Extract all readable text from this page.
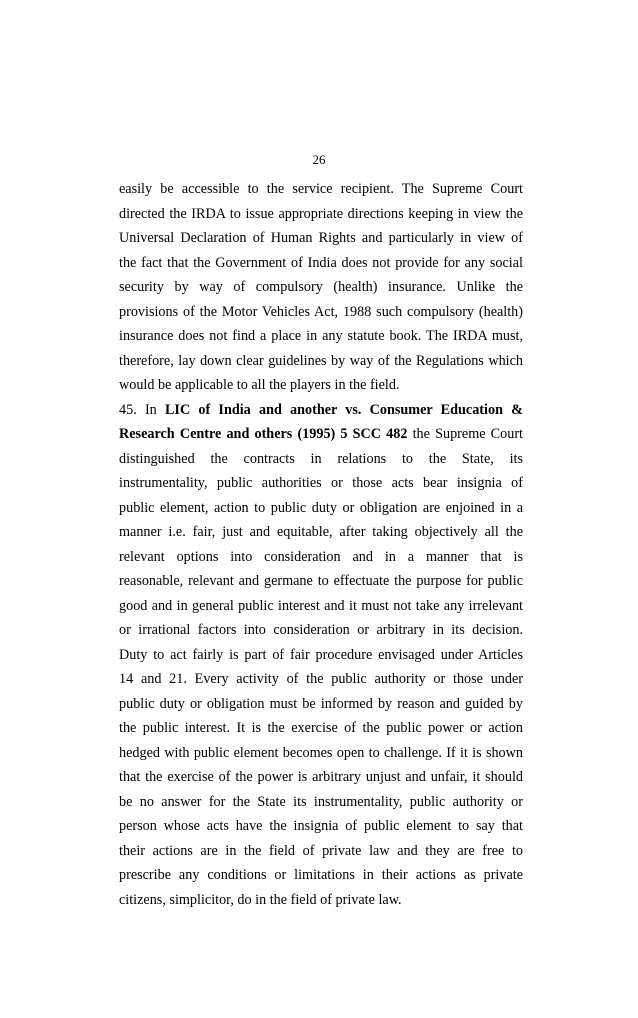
26
easily be accessible to the service recipient. The Supreme Court
directed the IRDA to issue appropriate directions keeping in view the
Universal Declaration of Human Rights and particularly in view of
the fact that the Government of India does not provide for any social
security by way of compulsory (health) insurance. Unlike the
provisions of the Motor Vehicles Act, 1988 such compulsory (health)
insurance does not find a place in any statute book. The IRDA must,
therefore, lay down clear guidelines by way of the Regulations which
would be applicable to all the players in the field.
45. In LIC of India and another vs. Consumer Education &
Research Centre and others (1995) 5 SCC 482 the Supreme Court
distinguished the contracts in relations to the State, its
instrumentality, public authorities or those acts bear insignia of
public element, action to public duty or obligation are enjoined in a
manner i.e. fair, just and equitable, after taking objectively all the
relevant options into consideration and in a manner that is
reasonable, relevant and germane to effectuate the purpose for public
good and in general public interest and it must not take any irrelevant
or irrational factors into consideration or arbitrary in its decision.
Duty to act fairly is part of fair procedure envisaged under Articles
14 and 21. Every activity of the public authority or those under
public duty or obligation must be informed by reason and guided by
the public interest. It is the exercise of the public power or action
hedged with public element becomes open to challenge. If it is shown
that the exercise of the power is arbitrary unjust and unfair, it should
be no answer for the State its instrumentality, public authority or
person whose acts have the insignia of public element to say that
their actions are in the field of private law and they are free to
prescribe any conditions or limitations in their actions as private
citizens, simplicitor, do in the field of private law.
